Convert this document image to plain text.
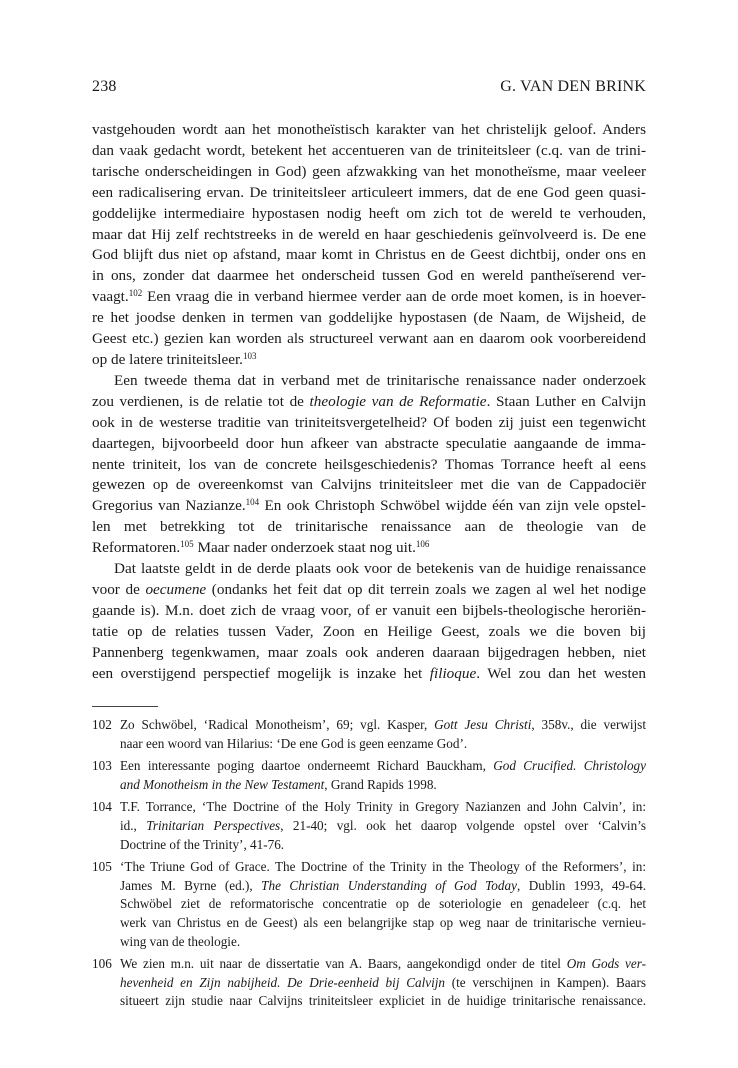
238	G. VAN DEN BRINK
vastgehouden wordt aan het monotheïstisch karakter van het christelijk geloof. Anders
dan vaak gedacht wordt, betekent het accentueren van de triniteitsleer (c.q. van de trini-
tarische onderscheidingen in God) geen afzwakking van het monotheïsme, maar veeleer
een radicalisering ervan. De triniteitsleer articuleert immers, dat de ene God geen quasi-
goddelijke intermediaire hypostasen nodig heeft om zich tot de wereld te verhouden,
maar dat Hij zelf rechtstreeks in de wereld en haar geschiedenis geïnvolveerd is. De ene
God blijft dus niet op afstand, maar komt in Christus en de Geest dichtbij, onder ons en
in ons, zonder dat daarmee het onderscheid tussen God en wereld pantheïserend ver-
vaagt.$^{102}$ Een vraag die in verband hiermee verder aan de orde moet komen, is in hoever-
re het joodse denken in termen van goddelijke hypostasen (de Naam, de Wijsheid, de
Geest etc.) gezien kan worden als structureel verwant aan en daarom ook voorbereidend
op de latere triniteitsleer.$^{103}$
Een tweede thema dat in verband met de trinitarische renaissance nader onderzoek
zou verdienen, is de relatie tot de theologie van de Reformatie. Staan Luther en Calvijn
ook in de westerse traditie van triniteitsvergetelheid? Of boden zij juist een tegenwicht
daartegen, bijvoorbeeld door hun afkeer van abstracte speculatie aangaande de imma-
nente triniteit, los van de concrete heilsgeschiedenis? Thomas Torrance heeft al eens
gewezen op de overeenkomst van Calvijns triniteitsleer met die van de Cappadociër
Gregorius van Nazianze.$^{104}$ En ook Christoph Schwöbel wijdde één van zijn vele opstel-
len met betrekking tot de trinitarische renaissance aan de theologie van de
Reformatoren.$^{105}$ Maar nader onderzoek staat nog uit.$^{106}$
Dat laatste geldt in de derde plaats ook voor de betekenis van de huidige renaissance
voor de oecumene (ondanks het feit dat op dit terrein zoals we zagen al wel het nodige
gaande is). M.n. doet zich de vraag voor, of er vanuit een bijbels-theologische heroriën-
tatie op de relaties tussen Vader, Zoon en Heilige Geest, zoals we die boven bij
Pannenberg tegenkwamen, maar zoals ook anderen daaraan bijgedragen hebben, niet
een overstijgend perspectief mogelijk is inzake het filioque. Wel zou dan het westen
102 Zo Schwöbel, ‘Radical Monotheism’, 69; vgl. Kasper, Gott Jesu Christi, 358v., die verwijst
naar een woord van Hilarius: ‘De ene God is geen eenzame God’.
103 Een interessante poging daartoe onderneemt Richard Bauckham, God Crucified. Christology
and Monotheism in the New Testament, Grand Rapids 1998.
104 T.F. Torrance, ‘The Doctrine of the Holy Trinity in Gregory Nazianzen and John Calvin’, in:
id., Trinitarian Perspectives, 21-40; vgl. ook het daarop volgende opstel over ‘Calvin’s
Doctrine of the Trinity’, 41-76.
105 ‘The Triune God of Grace. The Doctrine of the Trinity in the Theology of the Reformers’, in:
James M. Byrne (ed.), The Christian Understanding of God Today, Dublin 1993, 49-64.
Schwöbel ziet de reformatorische concentratie op de soteriologie en genadeleer (c.q. het
werk van Christus en de Geest) als een belangrijke stap op weg naar de trinitarische vernieu-
wing van de theologie.
106 We zien m.n. uit naar de dissertatie van A. Baars, aangekondigd onder de titel Om Gods ver-
hevenheid en Zijn nabijheid. De Drie-eenheid bij Calvijn (te verschijnen in Kampen). Baars
situeert zijn studie naar Calvijns triniteitsleer expliciet in de huidige trinitarische renaissance.
